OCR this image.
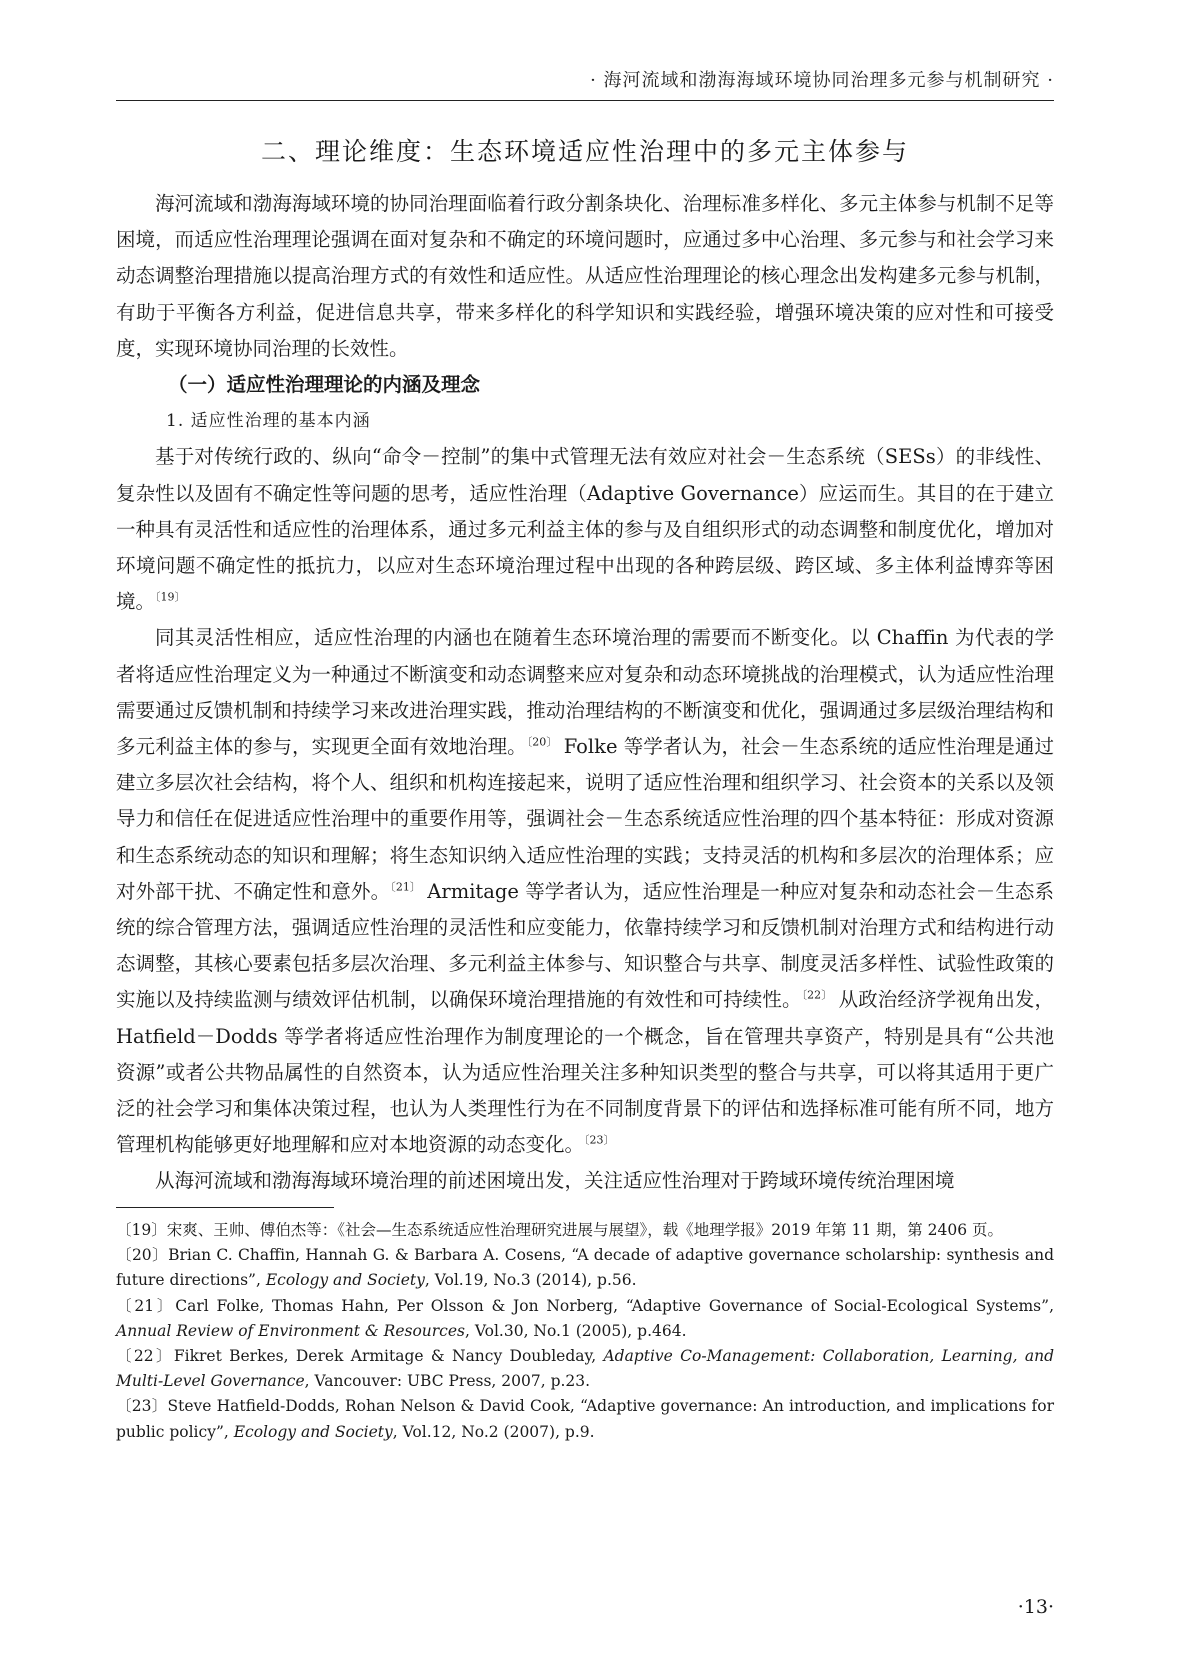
· 海河流域和渤海海域环境协同治理多元参与机制研究 ·
二、理论维度：生态环境适应性治理中的多元主体参与

海河流域和渤海海域环境的协同治理面临着行政分割条块化、治理标准多样化、多元主体参与机制不足等困境，而适应性治理理论强调在面对复杂和不确定的环境问题时，应通过多中心治理、多元参与和社会学习来动态调整治理措施以提高治理方式的有效性和适应性。从适应性治理理论的核心理念出发构建多元参与机制，有助于平衡各方利益，促进信息共享，带来多样化的科学知识和实践经验，增强环境决策的应对性和可接受度，实现环境协同治理的长效性。

（一）适应性治理理论的内涵及理念
1. 适应性治理的基本内涵

基于对传统行政的、纵向“命令－控制”的集中式管理无法有效应对社会－生态系统（SESs）的非线性、复杂性以及固有不确定性等问题的思考，适应性治理（Adaptive Governance）应运而生。其目的在于建立一种具有灵活性和适应性的治理体系，通过多元利益主体的参与及自组织形式的动态调整和制度优化，增加对环境问题不确定性的抵抗力，以应对生态环境治理过程中出现的各种跨层级、跨区域、多主体利益博弈等困境。$^{〔19〕}$

同其灵活性相应，适应性治理的内涵也在随着生态环境治理的需要而不断变化。以 Chaffin 为代表的学者将适应性治理定义为一种通过不断演变和动态调整来应对复杂和动态环境挑战的治理模式，认为适应性治理需要通过反馈机制和持续学习来改进治理实践，推动治理结构的不断演变和优化，强调通过多层级治理结构和多元利益主体的参与，实现更全面有效地治理。$^{〔20〕}$ Folke 等学者认为，社会－生态系统的适应性治理是通过建立多层次社会结构，将个人、组织和机构连接起来，说明了适应性治理和组织学习、社会资本的关系以及领导力和信任在促进适应性治理中的重要作用等，强调社会－生态系统适应性治理的四个基本特征：形成对资源和生态系统动态的知识和理解；将生态知识纳入适应性治理的实践；支持灵活的机构和多层次的治理体系；应对外部干扰、不确定性和意外。$^{〔21〕}$ Armitage 等学者认为，适应性治理是一种应对复杂和动态社会－生态系统的综合管理方法，强调适应性治理的灵活性和应变能力，依靠持续学习和反馈机制对治理方式和结构进行动态调整，其核心要素包括多层次治理、多元利益主体参与、知识整合与共享、制度灵活多样性、试验性政策的实施以及持续监测与绩效评估机制，以确保环境治理措施的有效性和可持续性。$^{〔22〕}$ 从政治经济学视角出发，Hatfield－Dodds 等学者将适应性治理作为制度理论的一个概念，旨在管理共享资产，特别是具有“公共池资源”或者公共物品属性的自然资本，认为适应性治理关注多种知识类型的整合与共享，可以将其适用于更广泛的社会学习和集体决策过程，也认为人类理性行为在不同制度背景下的评估和选择标准可能有所不同，地方管理机构能够更好地理解和应对本地资源的动态变化。$^{〔23〕}$

从海河流域和渤海海域环境治理的前述困境出发，关注适应性治理对于跨域环境传统治理困境

〔19〕宋爽、王帅、傅伯杰等：《社会—生态系统适应性治理研究进展与展望》，载《地理学报》2019 年第 11 期，第 2406 页。

〔20〕Brian C. Chaffin, Hannah G. & Barbara A. Cosens, “A decade of adaptive governance scholarship: synthesis and future directions”, Ecology and Society, Vol.19, No.3 (2014), p.56.

〔21〕Carl Folke, Thomas Hahn, Per Olsson & Jon Norberg, “Adaptive Governance of Social-Ecological Systems”, Annual Review of Environment & Resources, Vol.30, No.1 (2005), p.464.

〔22〕Fikret Berkes, Derek Armitage & Nancy Doubleday, Adaptive Co-Management: Collaboration, Learning, and Multi-Level Governance, Vancouver: UBC Press, 2007, p.23.

〔23〕Steve Hatfield-Dodds, Rohan Nelson & David Cook, “Adaptive governance: An introduction, and implications for public policy”, Ecology and Society, Vol.12, No.2 (2007), p.9.

·13·
